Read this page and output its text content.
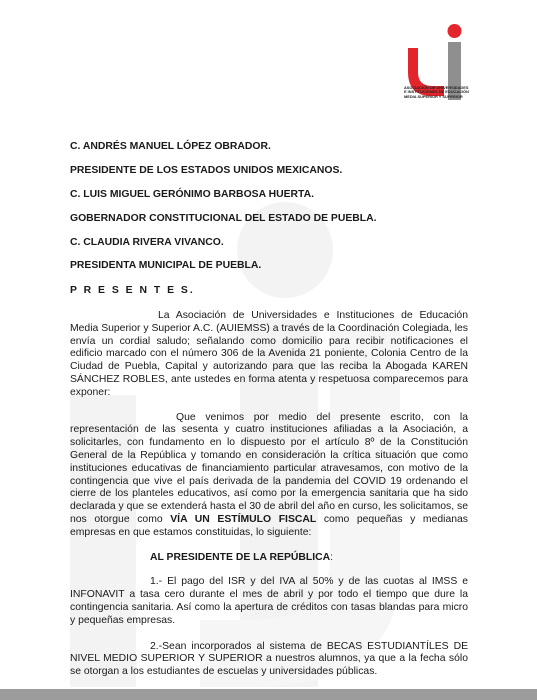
ASOCIACIÓN DE UNIVERSIDADES
E INSTITUCIONES DE EDUCACIÓN
MEDIA SUPERIOR Y SUPERIOR
C. ANDRÉS MANUEL LÓPEZ OBRADOR.
PRESIDENTE DE LOS ESTADOS UNIDOS MEXICANOS.
C. LUIS MIGUEL GERÓNIMO BARBOSA HUERTA.
GOBERNADOR CONSTITUCIONAL DEL ESTADO DE PUEBLA.
C. CLAUDIA RIVERA VIVANCO.
PRESIDENTA MUNICIPAL DE PUEBLA.
P R E S E N T E S.

La Asociación de Universidades e Instituciones de Educación Media Superior y Superior A.C. (AUIEMSS) a través de la Coordinación Colegiada, les envía un cordial saludo; señalando como domicilio para recibir notificaciones el edificio marcado con el número 306 de la Avenida 21 poniente, Colonia Centro de la Ciudad de Puebla, Capital y autorizando para que las reciba la Abogada KAREN SÁNCHEZ ROBLES, ante ustedes en forma atenta y respetuosa comparecemos para exponer:

Que venimos por medio del presente escrito, con la representación de las sesenta y cuatro instituciones afiliadas a la Asociación, a solicitarles, con fundamento en lo dispuesto por el artículo 8º de la Constitución General de la República y tomando en consideración la crítica situación que como instituciones educativas de financiamiento particular atravesamos, con motivo de la contingencia que vive el país derivada de la pandemia del COVID 19 ordenando el cierre de los planteles educativos, así como por la emergencia sanitaria que ha sido declarada y que se extenderá hasta el 30 de abril del año en curso, les solicitamos, se nos otorgue como VÍA UN ESTÍMULO FISCAL como pequeñas y medianas empresas en que estamos constituidas, lo siguiente:

AL PRESIDENTE DE LA REPÚBLICA:

1.- El pago del ISR y del IVA al 50% y de las cuotas al IMSS e INFONAVIT a tasa cero durante el mes de abril y por todo el tiempo que dure la contingencia sanitaria. Así como la apertura de créditos con tasas blandas para micro y pequeñas empresas.

2.-Sean incorporados al sistema de BECAS ESTUDIANTÍLES DE NIVEL MEDIO SUPERIOR Y SUPERIOR a nuestros alumnos, ya que a la fecha sólo se otorgan a los estudiantes de escuelas y universidades públicas.
